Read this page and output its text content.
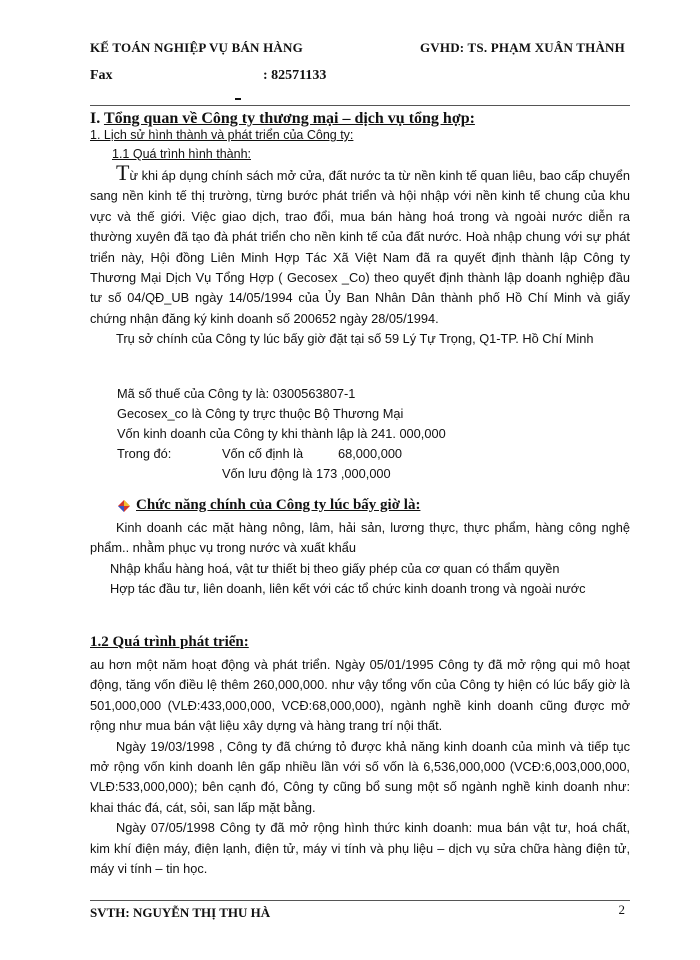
KẾ TOÁN NGHIỆP VỤ BÁN HÀNG	GVHD: TS. PHẠM XUÂN THÀNH
Fax	: 82571133
I. Tổng quan về Công ty thương mại – dịch vụ tổng hợp:
1. Lịch sử hình thành và phát triển của Công ty:
1.1 Quá trình hình thành:

Từ khi áp dụng chính sách mở cửa, đất nước ta từ nền kinh tế quan liêu, bao cấp chuyển sang nền kinh tế thị trường, từng bước phát triển và hội nhập với nền kinh tế chung của khu vực và thế giới. Việc giao dịch, trao đổi, mua bán hàng hoá trong và ngoài nước diễn ra thường xuyên đã tạo đà phát triển cho nền kinh tế của đất nước. Hoà nhập chung với sự phát triển này, Hội đồng Liên Minh Hợp Tác Xã Việt Nam đã ra quyết định thành lập Công ty Thương Mại Dịch Vụ Tổng Hợp ( Gecosex _Co) theo quyết định thành lập doanh nghiệp đầu tư số 04/QĐ_UB ngày 14/05/1994 của Ủy Ban Nhân Dân thành phố Hồ Chí Minh và giấy chứng nhận đăng ký kinh doanh số 200652 ngày 28/05/1994.

Trụ sở chính của Công ty lúc bấy giờ đặt tại số 59 Lý Tự Trọng, Q1-TP. Hồ Chí Minh

Mã số thuế của Công ty là: 0300563807-1
Gecosex_co là Công ty trực thuộc Bộ Thương Mại
Vốn kinh doanh của Công ty khi thành lập là 241. 000,000
Trong đó:	Vốn cố định là	68,000,000
Vốn lưu động là 173 ,000,000
Chức năng chính của Công ty lúc bấy giờ là:

Kinh doanh các mặt hàng nông, lâm, hải sản, lương thực, thực phẩm, hàng công nghệ phẩm.. nhằm phục vụ trong nước và xuất khẩu

Nhập khẩu hàng hoá, vật tư thiết bị theo giấy phép của cơ quan có thẩm quyền

Hợp tác đầu tư, liên doanh, liên kết với các tổ chức kinh doanh trong và ngoài nước

1.2 Quá trình phát triển:

au hơn một năm hoạt động và phát triển. Ngày 05/01/1995 Công ty đã mở rộng qui mô hoạt động, tăng vốn điều lệ thêm 260,000,000. như vậy tổng vốn của Công ty hiện có lúc bấy giờ là 501,000,000 (VLĐ:433,000,000, VCĐ:68,000,000), ngành nghề kinh doanh cũng được mở rộng như mua bán vật liệu xây dựng và hàng trang trí nội thất.

Ngày 19/03/1998 , Công ty đã chứng tỏ được khả năng kinh doanh của mình và tiếp tục mở rộng vốn kinh doanh lên gấp nhiều lần với số vốn là 6,536,000,000 (VCĐ:6,003,000,000, VLĐ:533,000,000); bên cạnh đó, Công ty cũng bổ sung một số ngành nghề kinh doanh như: khai thác đá, cát, sỏi, san lấp mặt bằng.

Ngày 07/05/1998 Công ty đã mở rộng hình thức kinh doanh: mua bán vật tư, hoá chất, kim khí điện máy, điện lạnh, điện tử, máy vi tính và phụ liệu – dịch vụ sửa chữa hàng điện tử, máy vi tính – tin học.

SVTH: NGUYỄN THỊ THU HÀ	2
